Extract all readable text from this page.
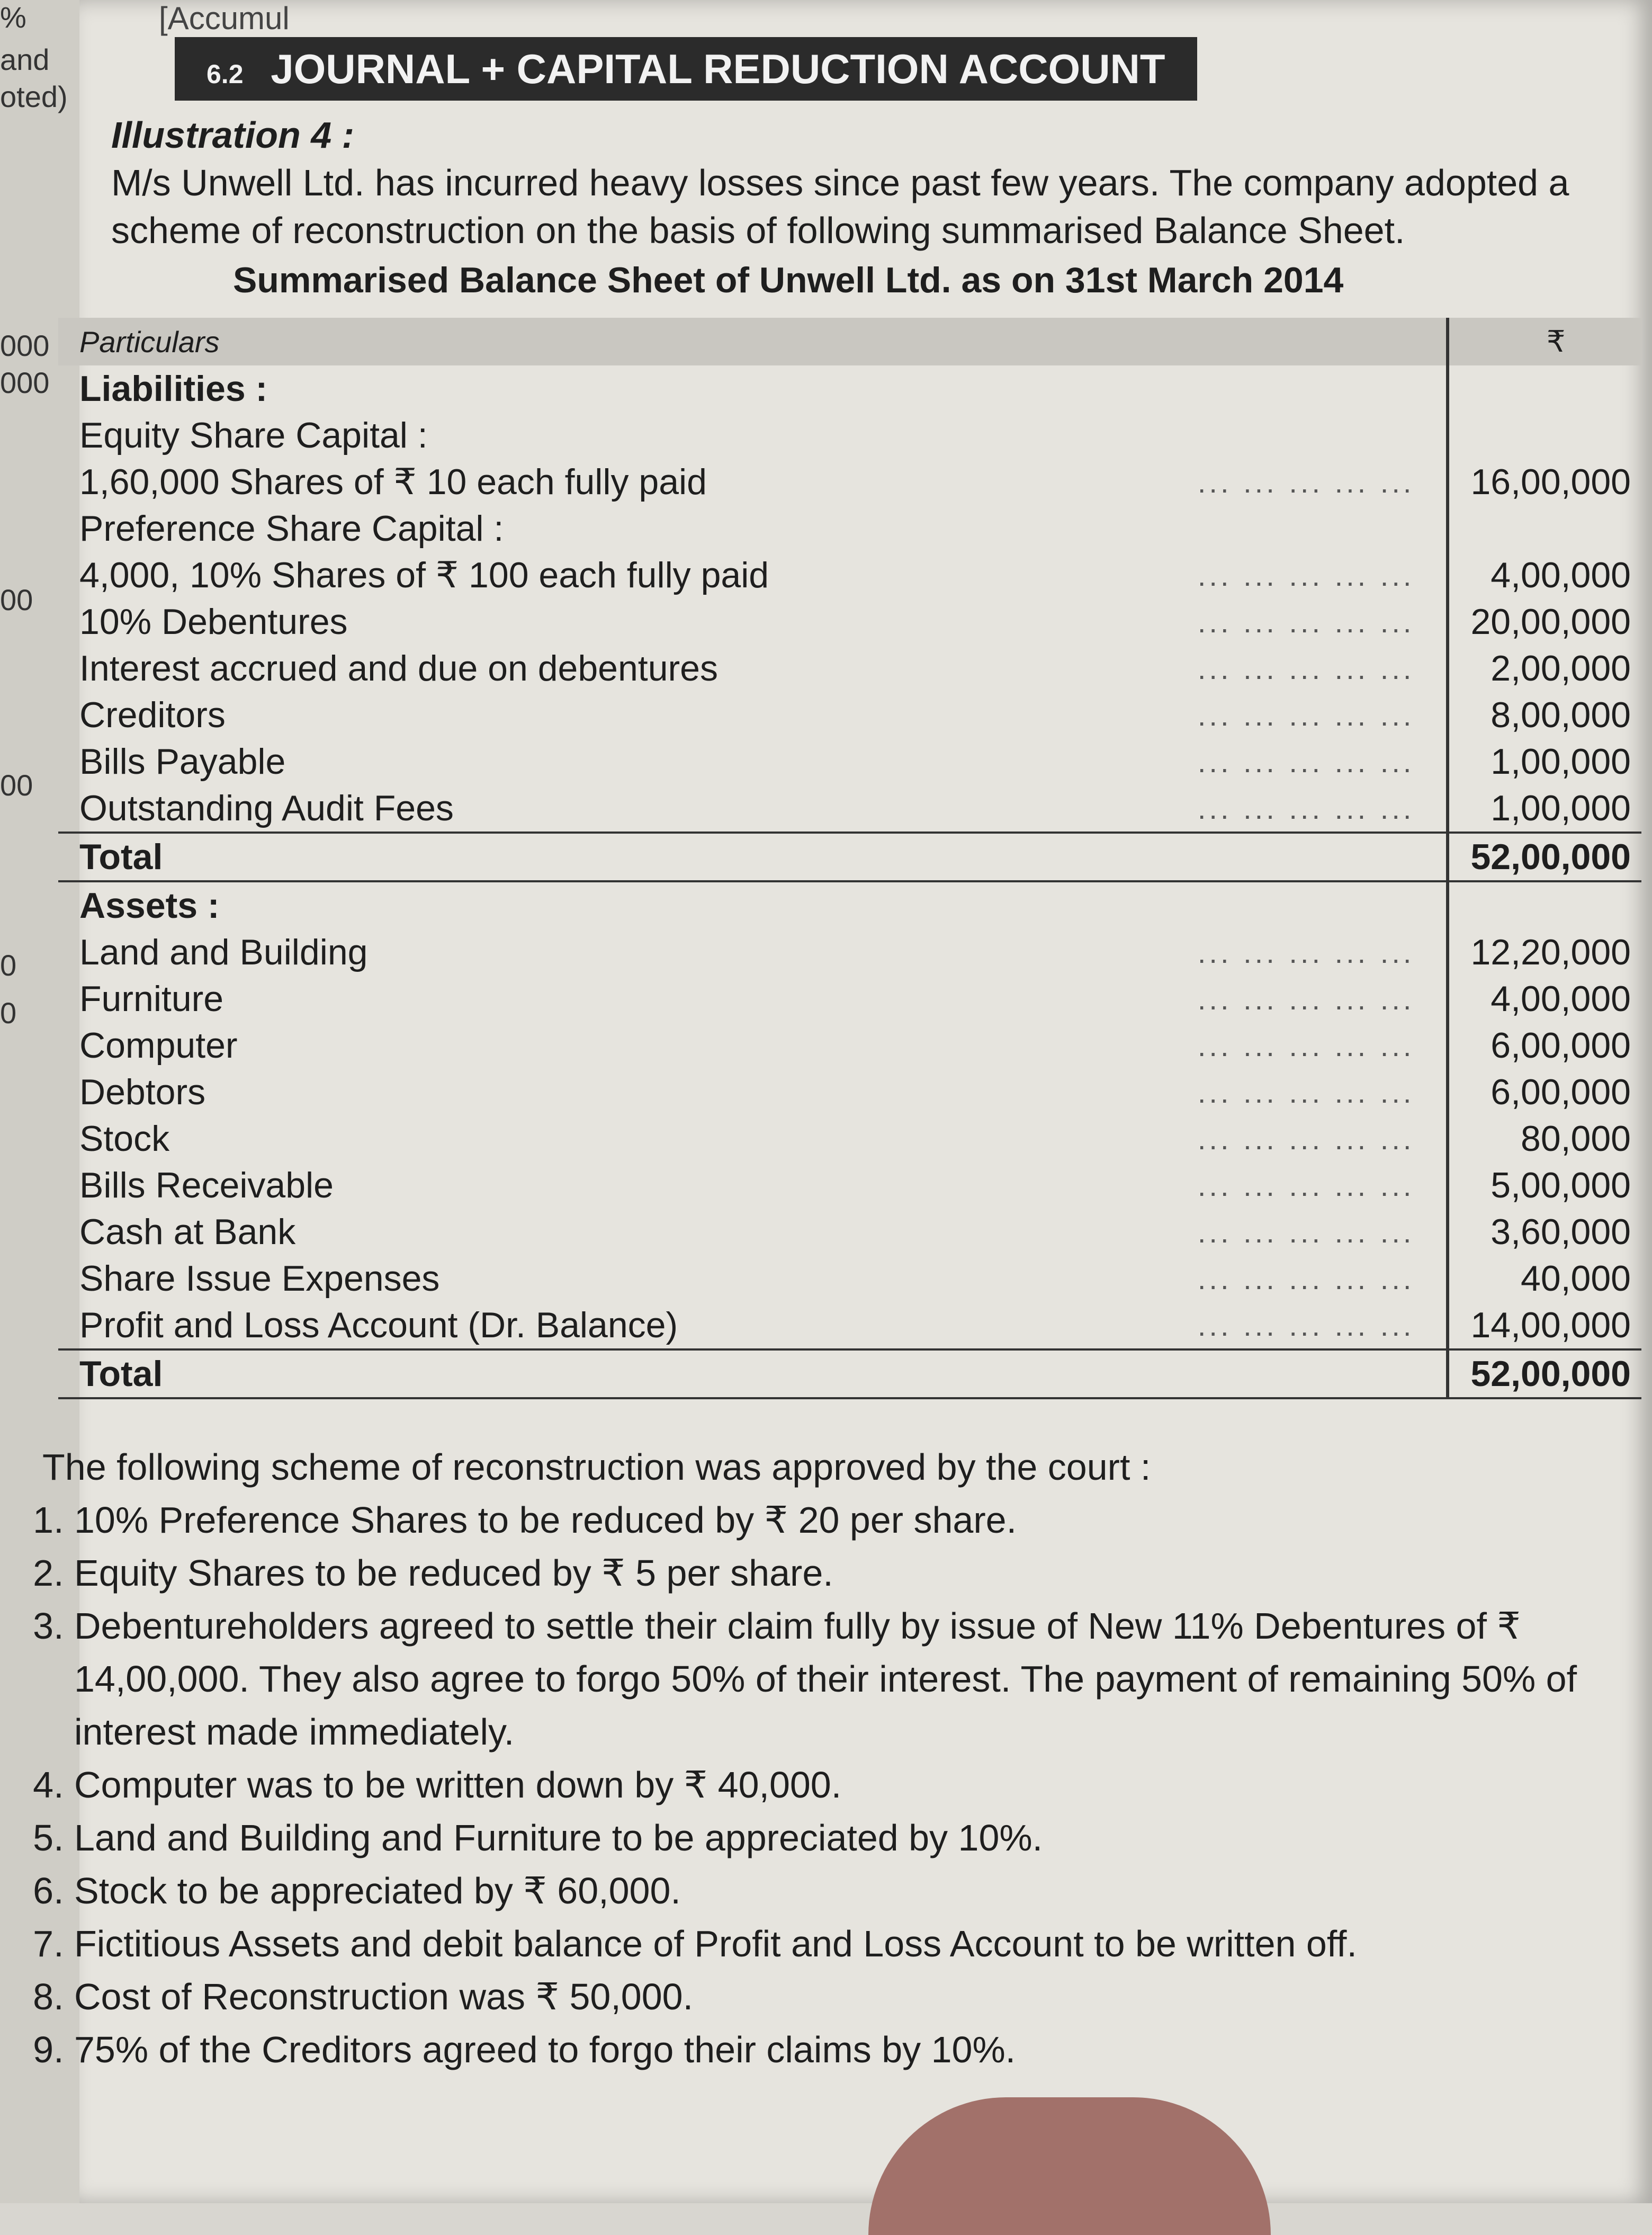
%
and
oted)
000
000
00
00
0
0
[Accumul
6.2 JOURNAL + CAPITAL REDUCTION ACCOUNT
Illustration 4 :
M/s Unwell Ltd. has incurred heavy losses since past few years. The company adopted a scheme of reconstruction on the basis of following summarised Balance Sheet.
Summarised Balance Sheet of Unwell Ltd. as on 31st March 2014
Particulars		₹
Liabilities :		
Equity Share Capital :		
1,60,000 Shares of ₹ 10 each fully paid	... ... ... ... ...	16,00,000
Preference Share Capital :		
4,000, 10% Shares of ₹ 100 each fully paid	... ... ... ... ...	4,00,000
10% Debentures	... ... ... ... ...	20,00,000
Interest accrued and due on debentures	... ... ... ... ...	2,00,000
Creditors	... ... ... ... ...	8,00,000
Bills Payable	... ... ... ... ...	1,00,000
Outstanding Audit Fees	... ... ... ... ...	1,00,000
Total		52,00,000
Assets :		
Land and Building	... ... ... ... ...	12,20,000
Furniture	... ... ... ... ...	4,00,000
Computer	... ... ... ... ...	6,00,000
Debtors	... ... ... ... ...	6,00,000
Stock	... ... ... ... ...	80,000
Bills Receivable	... ... ... ... ...	5,00,000
Cash at Bank	... ... ... ... ...	3,60,000
Share Issue Expenses	... ... ... ... ...	40,000
Profit and Loss Account (Dr. Balance)	... ... ... ... ...	14,00,000
Total		52,00,000
The following scheme of reconstruction was approved by the court :
1. 10% Preference Shares to be reduced by ₹ 20 per share.
2. Equity Shares to be reduced by ₹ 5 per share.
3. Debentureholders agreed to settle their claim fully by issue of New 11% Debentures of ₹ 14,00,000. They also agree to forgo 50% of their interest. The payment of remaining 50% of interest made immediately.
4. Computer was to be written down by ₹ 40,000.
5. Land and Building and Furniture to be appreciated by 10%.
6. Stock to be appreciated by ₹ 60,000.
7. Fictitious Assets and debit balance of Profit and Loss Account to be written off.
8. Cost of Reconstruction was ₹ 50,000.
9. 75% of the Creditors agreed to forgo their claims by 10%.
